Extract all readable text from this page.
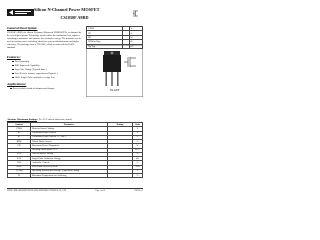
Silicon N-Channel Power MOSFET
CS1050F A9RD
General Description:
CS1050F A9RD, the silicon N-channel Enhanced VDMOSFETs, is obtained by the self-aligned planar Technology which reduce the conduction loss, improve switching performance and enhance the avalanche energy. The transistor can be used in various power switching circuit for system miniaturization and higher efficiency. The package form is TO-220F, which accords with the RoHS standard.
Features:
Fast Switching
ESD Improved Capability
Low Gate Charge (Typical data: )
Low Reverse transfer capacitances(Typical: )
100% Single Pulse avalanche energy Test
Applications:
Power switch circuit of adaptor and charger.
VDSS		V
ID		A
PD		W
RDS(on)Typ		Ω
Qg Typ		nC
TO-220F
Absolute Maximum Ratings (Tc=25°C unless otherwise noted)
Symbol	Parameter	Rating	Units
VDSS	Drain-to-Source Voltage		V
ID	Continuous Drain Current		A
ID	Continuous Drain Current TC=100°C		A
IDM	Pulsed Drain Current		A
PD	Maximum Power Dissipation		W
	Derating Factor above 25°C		W/°C
VGS	Gate-to-Source Voltage		V
EAS	Single Pulse Avalanche Energy		mJ
IAR	Avalanche Current		A
dv/dt	Peak Diode Recovery dv/dt		V/ns
TJ,Tstg	Operating Junction and Storage Temperature Range		°C
TL	Maximum Temperature for Soldering		°C
WUXI CHINA RESOURCES HUAJING MICROELECTRONICS CO., LTD	Page 1 of 10	2012.Rev.1
